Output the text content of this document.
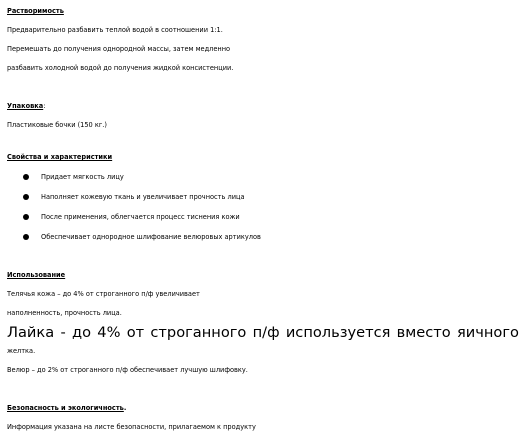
Растворимость
Предварительно разбавить теплой водой в соотношении 1:1.
Перемешать до получения однородной массы, затем медленно
разбавить холодной водой до получения жидкой консистенции.
Упаковка:
Пластиковые бочки (150 кг.)
Свойства и характеристики
Придает мягкость лицу
Наполняет кожевую ткань и увеличивает прочность лица
После применения, облегчается процесс тиснения кожи
Обеспечивает однородное шлифование велюровых артикулов
Использование
Телячья кожа – до 4% от строганного п/ф увеличивает
наполненность, прочность лица.
Лайка - до 4% от строганного п/ф используется вместо яичного
желтка.
Велюр – до 2% от строганного п/ф обеспечивает лучшую шлифовку.
Безопасность и экологичность.
Информация указана на листе безопасности, прилагаемом к продукту
